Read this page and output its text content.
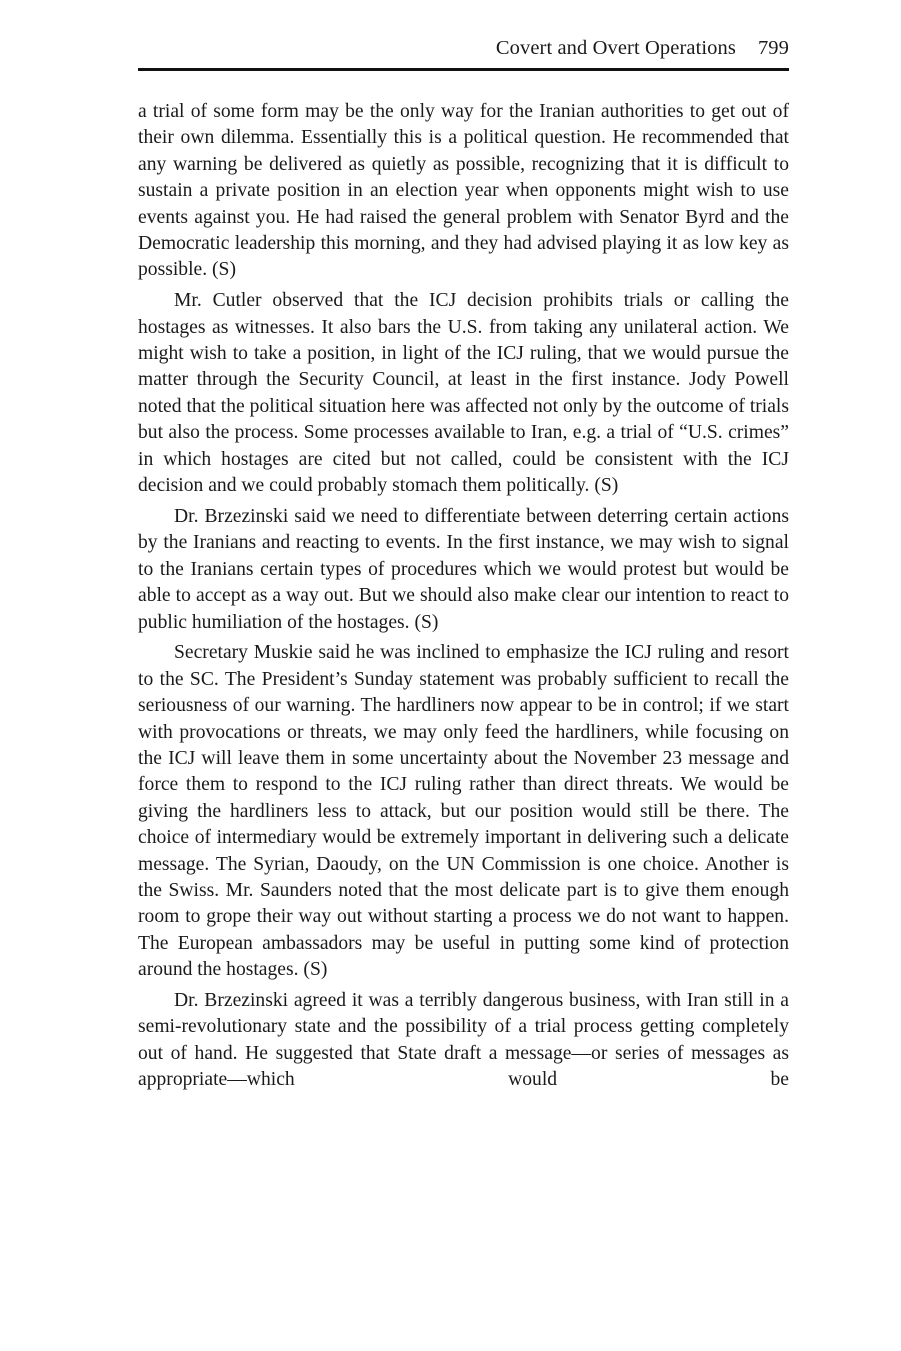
Covert and Overt Operations 799

a trial of some form may be the only way for the Iranian authorities to get out of their own dilemma. Essentially this is a political question. He recommended that any warning be delivered as quietly as possible, recognizing that it is difficult to sustain a private position in an election year when opponents might wish to use events against you. He had raised the general problem with Senator Byrd and the Democratic leadership this morning, and they had advised playing it as low key as possible. (S)

Mr. Cutler observed that the ICJ decision prohibits trials or calling the hostages as witnesses. It also bars the U.S. from taking any unilateral action. We might wish to take a position, in light of the ICJ ruling, that we would pursue the matter through the Security Council, at least in the first instance. Jody Powell noted that the political situation here was affected not only by the outcome of trials but also the process. Some processes available to Iran, e.g. a trial of “U.S. crimes” in which hostages are cited but not called, could be consistent with the ICJ decision and we could probably stomach them politically. (S)

Dr. Brzezinski said we need to differentiate between deterring certain actions by the Iranians and reacting to events. In the first instance, we may wish to signal to the Iranians certain types of procedures which we would protest but would be able to accept as a way out. But we should also make clear our intention to react to public humiliation of the hostages. (S)

Secretary Muskie said he was inclined to emphasize the ICJ ruling and resort to the SC. The President’s Sunday statement was probably sufficient to recall the seriousness of our warning. The hardliners now appear to be in control; if we start with provocations or threats, we may only feed the hardliners, while focusing on the ICJ will leave them in some uncertainty about the November 23 message and force them to respond to the ICJ ruling rather than direct threats. We would be giving the hardliners less to attack, but our position would still be there. The choice of intermediary would be extremely important in delivering such a delicate message. The Syrian, Daoudy, on the UN Commission is one choice. Another is the Swiss. Mr. Saunders noted that the most delicate part is to give them enough room to grope their way out without starting a process we do not want to happen. The European ambassadors may be useful in putting some kind of protection around the hostages. (S)

Dr. Brzezinski agreed it was a terribly dangerous business, with Iran still in a semi-revolutionary state and the possibility of a trial process getting completely out of hand. He suggested that State draft a message—or series of messages as appropriate—which would be
